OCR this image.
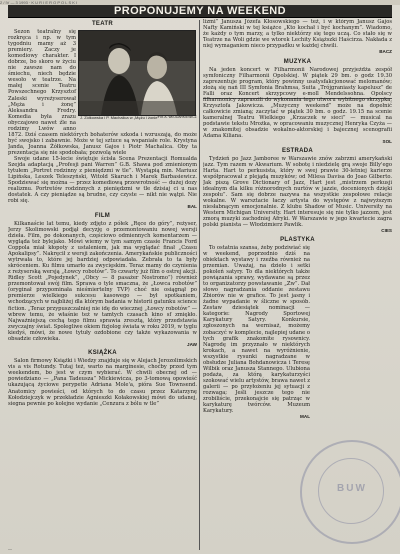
2 / IV — 3 1993 · K U R I E R O P O L S K I
PROPONUJEMY NA WEEKEND
TEATR

Sezon teatralny się rozkręca i np. w tym tygodniu mamy aż 3 premiery. Zaczy je komediowy charakter. I dobrze, bo skoro w życiu nie zawsze nam do śmiechu, niech będzie wesoło w teatrze. Na małej scenie Teatru Powszechnego Krzysztof Zaleski wyreżyserował „Męża i żonę” Aleksandra Fredry. Komedia była zrazu obyczajowo nawet źle na rodzimy Lwów anno 1872. Dziś czasem niektórych bohaterów szkoda i wzruszają, do może być swojsko i zabawnie. Może w tej sztuce są wspaniałe role. Krystyna Janda, Joanna Żółkowska, Janusz Gajos i Piotr Machalica. Oby ta prezentacja się nie spodobała; pozwolą wiele

Swoje udane 15-lecie świętuje ścisła Scena Prezentacji Romualda Szejda adaptacją „Profesji pani Warren” G.B. Shawa pod zmienionym tytułem „Portret rodzinny z pieniędzmi w tle”. Wystąpią min. Mariusz Lipińska, Leszek Teleszyński, Witold Skaruch i Marek Barbasiewicz. Spodziewać się można — przez komediową przewrotność — dużej dozy realizmu. Portretów rodzinnych z pieniędzmi w tle dzisiaj ci u nas dostatek. A czy pieniądze są brudne, czy czyste — nikt nie wątpi. Nie robi się.

BAL
FILM

Kilkanaście lat temu, kiedy zdjęto z półek „Ręce do góry”, reżyser, Jerzy Skolimowski podjął decyzję o przemontowaniu nowej wersji dzieła. Film, po dokonanych, częściowo odmiennych komentarzem — wygląda też bylejako. Mówi wiemy w tym samym czasie Francis Ford Coppola miał kłopoty z ustaleniem, jak ma wyglądać finał „Czasu Apokalipsy”. Nakręcił z wersji zakończenia. Amerykańskie publiczności wytrwała to, które jej bardziej odpowiadała. Zebrała to ta były skróceniem. Ku filmu umarło za zwycięskim. Teraz mamy do czynienia z reżyserską wersją „Łowcy robotów”. To czwarty już film o ostrej akcji. Ridley Scott „Pojedynek”, „Obcy — 8 pasażer Nostromo”) również przemontował swój film. Sprawa o tyle smaczna, że „Łowca robotów” (oryginał przypominała nieśmiertelny TVP) choć nie osiągnął po premierze wielkiego sukcesu kasowego — był spotkaniem, wchodzących w najbliżej dla którym badania w historii gatunku science fiction. „Teraz przypuszczalniej nie idę do wiecznej „Łowcy robotów” — wbrew temu, że właśnie też w tamtych czasach kino sf zmiękło. Najważniejszą cechą tego filmu sprawia zresztą, który przedstawia zwyczajny świat. Spolegliwe okiem fizjolog świata w roku 2019, w tyglu kiedyś, mówi, że nowe tytuły ozdobione czy także wykazowania w obsadzie człowieka.

JAW
KSIĄŻKA

Salon firmowy Książki i Wiedzy znajduje się w Alejach Jerozolimskich vis a vis Rotundy. Tutaj też, warto na marginesie, choćby przed tym weekendem, bo jest w czym wybierać. W chwili obecnej od — powiedziano — „Pana Tadeusza” Mickiewicza, po 3-tomową opowieść ukazującą życiowe perypetie Adriana Mole'a, pióra Sue Townsend. Anatomicy powieści, od których to do czasu przez Katarzynę Kołodziejczyk w przekładzie Agnieszki Kołakowskiej mówi do udanej, siegna pewnie po kolejne wydanie „Cenzura z bólu w tle”

J. Żółkowska i P. Machalica w „Mężu i żonie” Fot. A. WŁODARKIEWICZ

lizmi” Janusza Józefa Kłosowskiego — też, i w którym Janusz Gajos Nafty Kamiński w tej książce „Kto kochał i być kochanym”. Wiadomo, że każdy o tym marzy, a tylko niektórzy się tego uczą. Co stało się w Teatrze na Woli gdzie we wtorek Lechity Książszki Haścirza. Nakłada z niej wymaganiem nieco przypadku w każdej chwili.

BACZ
MUZYKA

Na jeden koncert w Filharmonii Narodowej przyjeżdża zespół symfoniczny Filharmonii Opolskiej. W piątek 29 bm. o godz 19.30 zaprezentuje program, który powinny usatysfakcjonować melomanów; złożą się nań III Symfonia Brahmsa, Suita „Trójgraniasty kapelusz” de Falli oraz Koncert skrzypcowy e-moll Mendelssohna. Opolscy filharmonicy zapraszili do wykonania tego utworu wybitnego skrzypka, Krzysztofa Jakowicza. „Muzyczny weekend” może na dopełnić całkowicie zmianą; zaczytać w piątek 30 bm. o godz. 19.15 na scenie kameralnej Teatru Wielkiego „Krzaczek w sieci” — musical na podstawie tekstu Mrożka, w opracowaniu muzycznej Henryka Czyża — w znakomitej obsadzie wokalno-aktorskiej i bajecznej scenografii Adama Kiliana.

SOL
ESTRADA

Tydzień po Jazz Jamboree w Warszawie znów zabrzmi amerykański jazz. Tym razem w Akwarium. W sobotę i niedzielę grą swoje Billy'ego Harta. Hart to perkusista, który w swej prawie 30-letniej karierze współpracował z plejądą muzyków; od Milesa Davisa do Joao Gilberto. Jak piszą Grove Dictionary of Jazz, Hart jest „mistrzem perkusji idealnym dla kilku różnorodnych nurtów w jazzie, docenionych dzięki zespołu”. Sam się dobrze nazywa na wszystkie zespołowe relacje wokalne. W warsztacie łaczy artysta do występów z najwyższym niesłabnącym emocjonalnie. Z klubu Shadow of Music. University na Western Michigan University. Hart interesuje się nie tylko jazzem, jest zmorą muzyki zachodniej Afryki. W Warszawie w jego kwartecie zagra polski pianista — Włodzimierz Pawlik.

CIES
PLASTYKA

To ostatnia szansa, żeby podziwiać się w weekend, poprzednio dziś na obiektach wystawy i rzeźba również na przemian. Uważaj, na dzieło i setki pokoleń satyry. To dla niektórych także powiązania sprawy, wydawane są przez to organizatorzy powstawanie „Zw”. Dał słowo nagradzania oddanie zestawu Zbiorów nie w grafice. To jest jasny i żadne wypadanie w śliczne w sposób. Zestaw dziesiątek nominacji — kategorie: Nagrody Sportowej Karykatury Satyry. Konkursie, zgłoszonych na wernisaż, możemy zobaczyć w komplecie, najlepiej udane o tych grafik znakomite rysownicy. Nagrodę im przyznało w niektórych krokach, a nawet na wyróżnienie, wszystkie rysunki nagradzane w obsłudze Juliana Bohdanowicza i Teresę Wilbik oraz Janusza Stannego. Ulubiona podaża, za którą karykaturzyści szokować wielu artystów, brawa nawet z galerii — po przyłożeniu jej sytuacji z rozwaga; Jeśli jeszcze tego nie zrobiliście, przekonajcie się patrząc w karykaturę twórców. Muzeum Karykatury.

MAL
BUW
—
